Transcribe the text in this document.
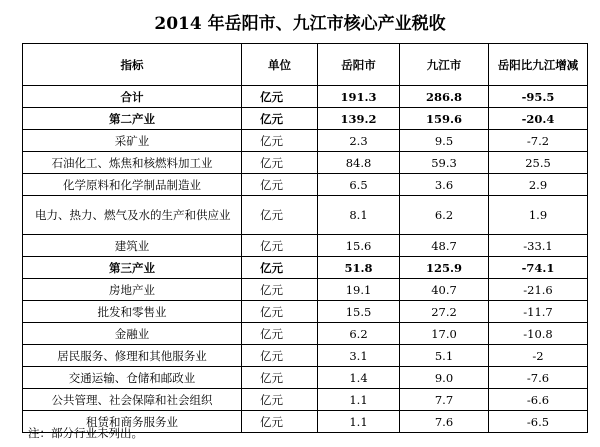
2014 年岳阳市、九江市核心产业税收
指标	单位	岳阳市	九江市	岳阳比九江增减
合计	亿元	191.3	286.8	-95.5
第二产业	亿元	139.2	159.6	-20.4
采矿业	亿元	2.3	9.5	-7.2
石油化工、炼焦和核燃料加工业	亿元	84.8	59.3	25.5
化学原料和化学制品制造业	亿元	6.5	3.6	2.9
电力、热力、燃气及水的生产和供应业	亿元	8.1	6.2	1.9
建筑业	亿元	15.6	48.7	-33.1
第三产业	亿元	51.8	125.9	-74.1
房地产业	亿元	19.1	40.7	-21.6
批发和零售业	亿元	15.5	27.2	-11.7
金融业	亿元	6.2	17.0	-10.8
居民服务、修理和其他服务业	亿元	3.1	5.1	-2
交通运输、仓储和邮政业	亿元	1.4	9.0	-7.6
公共管理、社会保障和社会组织	亿元	1.1	7.7	-6.6
租赁和商务服务业	亿元	1.1	7.6	-6.5
注：部分行业未列出。
